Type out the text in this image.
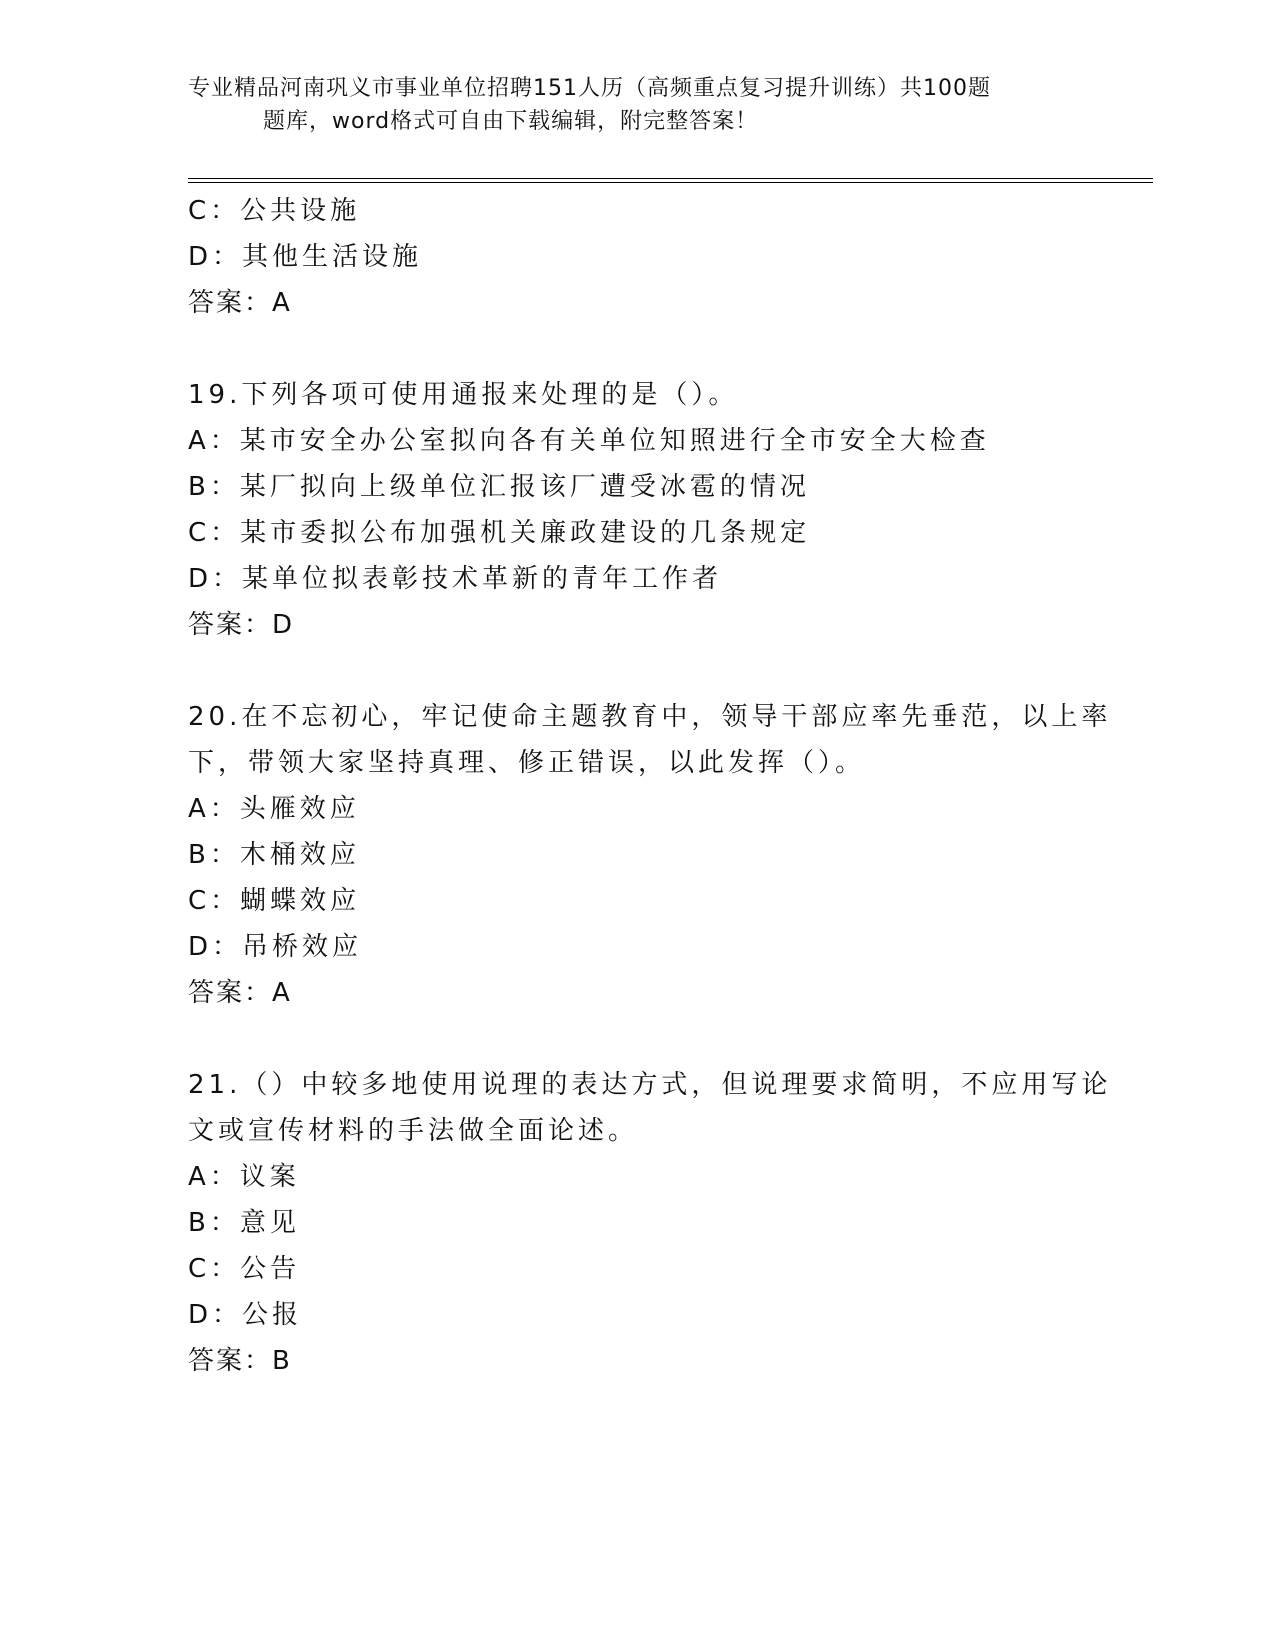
专业精品河南巩义市事业单位招聘151人历（高频重点复习提升训练）共100题
题库，word格式可自由下载编辑，附完整答案！
C：公共设施
D：其他生活设施
答案：A
19.下列各项可使用通报来处理的是（）。
A：某市安全办公室拟向各有关单位知照进行全市安全大检查
B：某厂拟向上级单位汇报该厂遭受冰雹的情况
C：某市委拟公布加强机关廉政建设的几条规定
D：某单位拟表彰技术革新的青年工作者
答案：D
20.在不忘初心，牢记使命主题教育中，领导干部应率先垂范，以上率
下，带领大家坚持真理、修正错误，以此发挥（）。
A：头雁效应
B：木桶效应
C：蝴蝶效应
D：吊桥效应
答案：A
21.（）中较多地使用说理的表达方式，但说理要求简明，不应用写论
文或宣传材料的手法做全面论述。
A：议案
B：意见
C：公告
D：公报
答案：B
